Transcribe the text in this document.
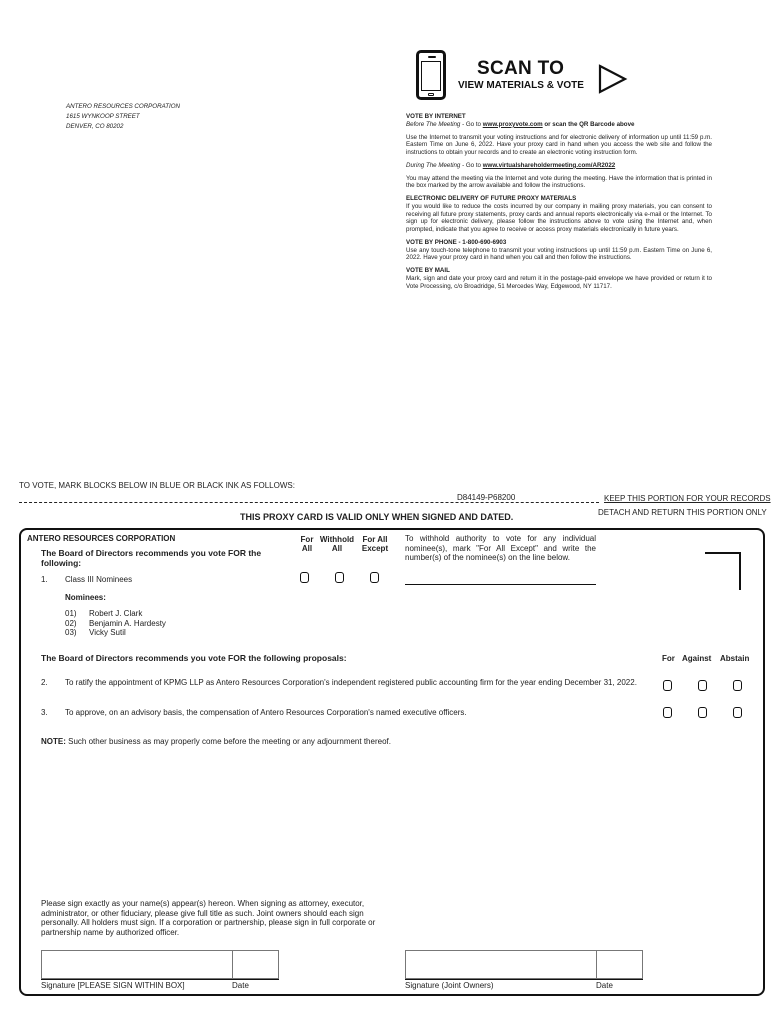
SCAN TO
VIEW MATERIALS & VOTE
ANTERO RESOURCES CORPORATION
1615 WYNKOOP STREET
DENVER, CO 80202

VOTE BY INTERNET
Before The Meeting - Go to www.proxyvote.com or scan the QR Barcode above

Use the Internet to transmit your voting instructions and for electronic delivery of information up until 11:59 p.m. Eastern Time on June 6, 2022. Have your proxy card in hand when you access the web site and follow the instructions to obtain your records and to create an electronic voting instruction form.

During The Meeting - Go to www.virtualshareholdermeeting.com/AR2022

You may attend the meeting via the Internet and vote during the meeting. Have the information that is printed in the box marked by the arrow available and follow the instructions.

ELECTRONIC DELIVERY OF FUTURE PROXY MATERIALS
If you would like to reduce the costs incurred by our company in mailing proxy materials, you can consent to receiving all future proxy statements, proxy cards and annual reports electronically via e-mail or the Internet. To sign up for electronic delivery, please follow the instructions above to vote using the Internet and, when prompted, indicate that you agree to receive or access proxy materials electronically in future years.

VOTE BY PHONE - 1-800-690-6903
Use any touch-tone telephone to transmit your voting instructions up until 11:59 p.m. Eastern Time on June 6, 2022. Have your proxy card in hand when you call and then follow the instructions.

VOTE BY MAIL
Mark, sign and date your proxy card and return it in the postage-paid envelope we have provided or return it to Vote Processing, c/o Broadridge, 51 Mercedes Way, Edgewood, NY 11717.

TO VOTE, MARK BLOCKS BELOW IN BLUE OR BLACK INK AS FOLLOWS:
D84149-P68200	KEEP THIS PORTION FOR YOUR RECORDS
THIS PROXY CARD IS VALID ONLY WHEN SIGNED AND DATED.	DETACH AND RETURN THIS PORTION ONLY
ANTERO RESOURCES CORPORATION
The Board of Directors recommends you vote FOR the following:
For All
Withhold All
For All Except
To withhold authority to vote for any individual nominee(s), mark "For All Except" and write the number(s) of the nominee(s) on the line below.
1. Class III Nominees
Nominees:
01) Robert J. Clark
02) Benjamin A. Hardesty
03) Vicky Sutil
The Board of Directors recommends you vote FOR the following proposals:	For Against Abstain
2. To ratify the appointment of KPMG LLP as Antero Resources Corporation's independent registered public accounting firm for the year ending December 31, 2022.
3. To approve, on an advisory basis, the compensation of Antero Resources Corporation's named executive officers.
NOTE: Such other business as may properly come before the meeting or any adjournment thereof.
Please sign exactly as your name(s) appear(s) hereon. When signing as attorney, executor, administrator, or other fiduciary, please give full title as such. Joint owners should each sign personally. All holders must sign. If a corporation or partnership, please sign in full corporate or partnership name by authorized officer.
Signature [PLEASE SIGN WITHIN BOX]	Date	Signature (Joint Owners)	Date
